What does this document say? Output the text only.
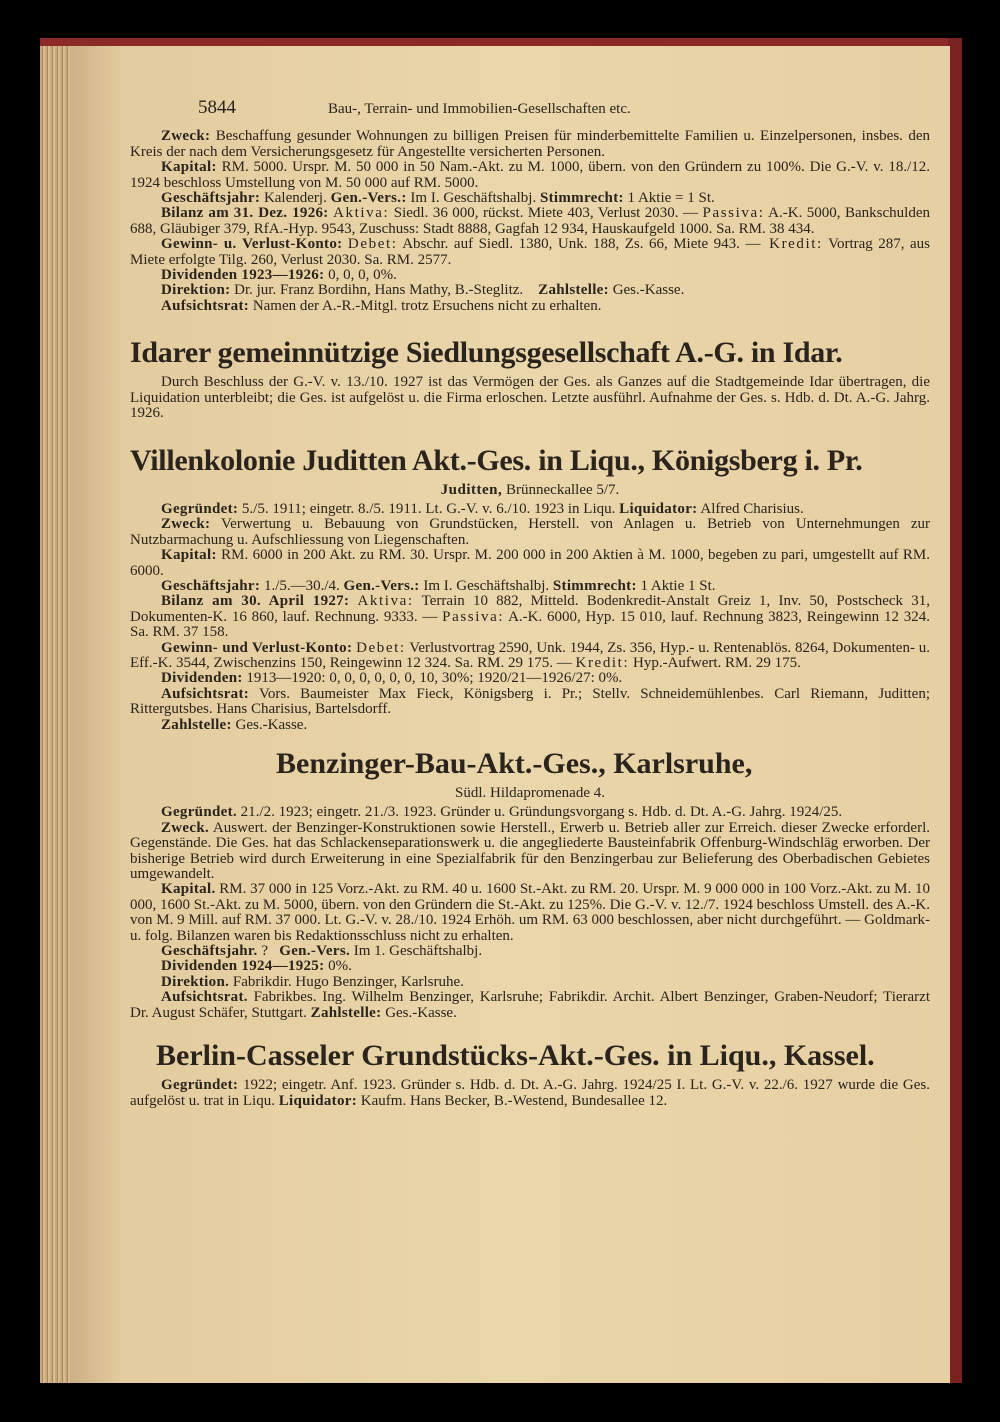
5844	Bau-, Terrain- und Immobilien-Gesellschaften etc.

Zweck: Beschaffung gesunder Wohnungen zu billigen Preisen für minderbemittelte Familien u. Einzelpersonen, insbes. den Kreis der nach dem Versicherungsgesetz für Angestellte versicherten Personen.

Kapital: RM. 5000. Urspr. M. 50 000 in 50 Nam.-Akt. zu M. 1000, übern. von den Gründern zu 100%. Die G.-V. v. 18./12. 1924 beschloss Umstellung von M. 50 000 auf RM. 5000.

Geschäftsjahr: Kalenderj. Gen.-Vers.: Im I. Geschäftshalbj. Stimmrecht: 1 Aktie = 1 St.

Bilanz am 31. Dez. 1926: Aktiva: Siedl. 36 000, rückst. Miete 403, Verlust 2030. — Passiva: A.-K. 5000, Bankschulden 688, Gläubiger 379, RfA.-Hyp. 9543, Zuschuss: Stadt 8888, Gagfah 12 934, Hauskaufgeld 1000. Sa. RM. 38 434.

Gewinn- u. Verlust-Konto: Debet: Abschr. auf Siedl. 1380, Unk. 188, Zs. 66, Miete 943. — Kredit: Vortrag 287, aus Miete erfolgte Tilg. 260, Verlust 2030. Sa. RM. 2577.

Dividenden 1923—1926: 0, 0, 0, 0%.

Direktion: Dr. jur. Franz Bordihn, Hans Mathy, B.-Steglitz. Zahlstelle: Ges.-Kasse.

Aufsichtsrat: Namen der A.-R.-Mitgl. trotz Ersuchens nicht zu erhalten.

Idarer gemeinnützige Siedlungsgesellschaft A.-G. in Idar.

Durch Beschluss der G.-V. v. 13./10. 1927 ist das Vermögen der Ges. als Ganzes auf die Stadtgemeinde Idar übertragen, die Liquidation unterbleibt; die Ges. ist aufgelöst u. die Firma erloschen. Letzte ausführl. Aufnahme der Ges. s. Hdb. d. Dt. A.-G. Jahrg. 1926.

Villenkolonie Juditten Akt.-Ges. in Liqu., Königsberg i. Pr.

Juditten, Brünneckallee 5/7.

Gegründet: 5./5. 1911; eingetr. 8./5. 1911. Lt. G.-V. v. 6./10. 1923 in Liqu. Liquidator: Alfred Charisius.

Zweck: Verwertung u. Bebauung von Grundstücken, Herstell. von Anlagen u. Betrieb von Unternehmungen zur Nutzbarmachung u. Aufschliessung von Liegenschaften.

Kapital: RM. 6000 in 200 Akt. zu RM. 30. Urspr. M. 200 000 in 200 Aktien à M. 1000, begeben zu pari, umgestellt auf RM. 6000.

Geschäftsjahr: 1./5.—30./4. Gen.-Vers.: Im I. Geschäftshalbj. Stimmrecht: 1 Aktie 1 St.

Bilanz am 30. April 1927: Aktiva: Terrain 10 882, Mitteld. Bodenkredit-Anstalt Greiz 1, Inv. 50, Postscheck 31, Dokumenten-K. 16 860, lauf. Rechnung. 9333. — Passiva: A.-K. 6000, Hyp. 15 010, lauf. Rechnung 3823, Reingewinn 12 324. Sa. RM. 37 158.

Gewinn- und Verlust-Konto: Debet: Verlustvortrag 2590, Unk. 1944, Zs. 356, Hyp.- u. Rentenablös. 8264, Dokumenten- u. Eff.-K. 3544, Zwischenzins 150, Reingewinn 12 324. Sa. RM. 29 175. — Kredit: Hyp.-Aufwert. RM. 29 175.

Dividenden: 1913—1920: 0, 0, 0, 0, 0, 0, 10, 30%; 1920/21—1926/27: 0%.

Aufsichtsrat: Vors. Baumeister Max Fieck, Königsberg i. Pr.; Stellv. Schneidemühlenbes. Carl Riemann, Juditten; Rittergutsbes. Hans Charisius, Bartelsdorff.

Zahlstelle: Ges.-Kasse.

Benzinger-Bau-Akt.-Ges., Karlsruhe,

Südl. Hildapromenade 4.

Gegründet. 21./2. 1923; eingetr. 21./3. 1923. Gründer u. Gründungsvorgang s. Hdb. d. Dt. A.-G. Jahrg. 1924/25.

Zweck. Auswert. der Benzinger-Konstruktionen sowie Herstell., Erwerb u. Betrieb aller zur Erreich. dieser Zwecke erforderl. Gegenstände. Die Ges. hat das Schlackenseparationswerk u. die angegliederte Bausteinfabrik Offenburg-Windschläg erworben. Der bisherige Betrieb wird durch Erweiterung in eine Spezialfabrik für den Benzingerbau zur Belieferung des Oberbadischen Gebietes umgewandelt.

Kapital. RM. 37 000 in 125 Vorz.-Akt. zu RM. 40 u. 1600 St.-Akt. zu RM. 20. Urspr. M. 9 000 000 in 100 Vorz.-Akt. zu M. 10 000, 1600 St.-Akt. zu M. 5000, übern. von den Gründern die St.-Akt. zu 125%. Die G.-V. v. 12./7. 1924 beschloss Umstell. des A.-K. von M. 9 Mill. auf RM. 37 000. Lt. G.-V. v. 28./10. 1924 Erhöh. um RM. 63 000 beschlossen, aber nicht durchgeführt. — Goldmark- u. folg. Bilanzen waren bis Redaktionsschluss nicht zu erhalten.

Geschäftsjahr. ? Gen.-Vers. Im 1. Geschäftshalbj.

Dividenden 1924—1925: 0%.

Direktion. Fabrikdir. Hugo Benzinger, Karlsruhe.

Aufsichtsrat. Fabrikbes. Ing. Wilhelm Benzinger, Karlsruhe; Fabrikdir. Archit. Albert Benzinger, Graben-Neudorf; Tierarzt Dr. August Schäfer, Stuttgart. Zahlstelle: Ges.-Kasse.

Berlin-Casseler Grundstücks-Akt.-Ges. in Liqu., Kassel.

Gegründet: 1922; eingetr. Anf. 1923. Gründer s. Hdb. d. Dt. A.-G. Jahrg. 1924/25 I. Lt. G.-V. v. 22./6. 1927 wurde die Ges. aufgelöst u. trat in Liqu. Liquidator: Kaufm. Hans Becker, B.-Westend, Bundesallee 12.
